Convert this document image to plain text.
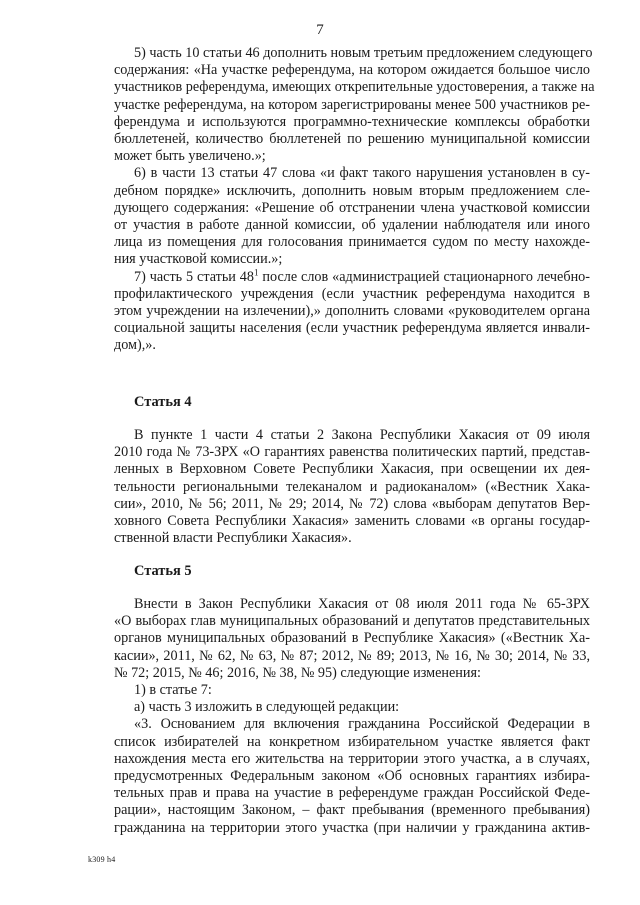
7
5) часть 10 статьи 46 дополнить новым третьим предложением следующего
содержания: «На участке референдума, на котором ожидается большое число
участников референдума, имеющих открепительные удостоверения, а также на
участке референдума, на котором зарегистрированы менее 500 участников ре-
ферендума и используются программно-технические комплексы обработки
бюллетеней, количество бюллетеней по решению муниципальной комиссии
может быть увеличено.»;
6) в части 13 статьи 47 слова «и факт такого нарушения установлен в су-
дебном порядке» исключить, дополнить новым вторым предложением сле-
дующего содержания: «Решение об отстранении члена участковой комиссии
от участия в работе данной комиссии, об удалении наблюдателя или иного
лица из помещения для голосования принимается судом по месту нахожде-
ния участковой комиссии.»;
7) часть 5 статьи $48^1$ после слов «администрацией стационарного лечебно-
профилактического учреждения (если участник референдума находится в
этом учреждении на излечении),» дополнить словами «руководителем органа
социальной защиты населения (если участник референдума является инвали-
дом),».
Статья 4
В пункте 1 части 4 статьи 2 Закона Республики Хакасия от 09 июля
2010 года № 73-ЗРХ «О гарантиях равенства политических партий, представ-
ленных в Верховном Совете Республики Хакасия, при освещении их дея-
тельности региональными телеканалом и радиоканалом» («Вестник Хака-
сии», 2010, № 56; 2011, № 29; 2014, № 72) слова «выборам депутатов Вер-
ховного Совета Республики Хакасия» заменить словами «в органы государ-
ственной власти Республики Хакасия».
Статья 5
Внести в Закон Республики Хакасия от 08 июля 2011 года № 65-ЗРХ
«О выборах глав муниципальных образований и депутатов представительных
органов муниципальных образований в Республике Хакасия» («Вестник Ха-
касии», 2011, № 62, № 63, № 87; 2012, № 89; 2013, № 16, № 30; 2014, № 33,
№ 72; 2015, № 46; 2016, № 38, № 95) следующие изменения:
1) в статье 7:
а) часть 3 изложить в следующей редакции:
«3. Основанием для включения гражданина Российской Федерации в
список избирателей на конкретном избирательном участке является факт
нахождения места его жительства на территории этого участка, а в случаях,
предусмотренных Федеральным законом «Об основных гарантиях избира-
тельных прав и права на участие в референдуме граждан Российской Феде-
рации», настоящим Законом, – факт пребывания (временного пребывания)
гражданина на территории этого участка (при наличии у гражданина актив-
k309 h4
